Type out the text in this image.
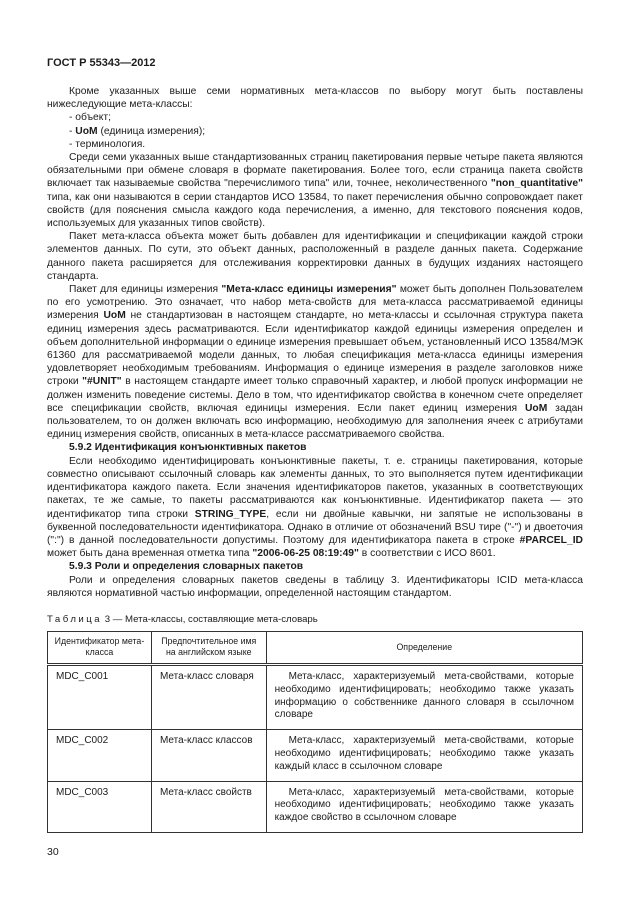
ГОСТ Р 55343—2012
Кроме указанных выше семи нормативных мета-классов по выбору могут быть поставлены нижеследующие мета-классы:
- объект;
- UoM (единица измерения);
- терминология.
Среди семи указанных выше стандартизованных страниц пакетирования первые четыре пакета являются обязательными при обмене словаря в формате пакетирования. Более того, если страница пакета свойств включает так называемые свойства "перечислимого типа" или, точнее, неколичественного "non_quantitative" типа, как они называются в серии стандартов ИСО 13584, то пакет перечисления обычно сопровождает пакет свойств (для пояснения смысла каждого кода перечисления, а именно, для текстового пояснения кодов, используемых для указанных типов свойств).
Пакет мета-класса объекта может быть добавлен для идентификации и спецификации каждой строки элементов данных. По сути, это объект данных, расположенный в разделе данных пакета. Содержание данного пакета расширяется для отслеживания корректировки данных в будущих изданиях настоящего стандарта.
Пакет для единицы измерения "Мета-класс единицы измерения" может быть дополнен Пользователем по его усмотрению. Это означает, что набор мета-свойств для мета-класса рассматриваемой единицы измерения UoM не стандартизован в настоящем стандарте, но мета-классы и ссылочная структура пакета единиц измерения здесь расматриваются. Если идентификатор каждой единицы измерения определен и объем дополнительной информации о единице измерения превышает объем, установленный ИСО 13584/МЭК 61360 для рассматриваемой модели данных, то любая спецификация мета-класса единицы измерения удовлетворяет необходимым требованиям. Информация о единице измерения в разделе заголовков ниже строки "#UNIT" в настоящем стандарте имеет только справочный характер, и любой пропуск информации не должен изменить поведение системы. Дело в том, что идентификатор свойства в конечном счете определяет все спецификации свойств, включая единицы измерения. Если пакет единиц измерения UoM задан пользователем, то он должен включать всю информацию, необходимую для заполнения ячеек с атрибутами единиц измерения свойств, описанных в мета-классе рассматриваемого свойства.
5.9.2 Идентификация конъюнктивных пакетов
Если необходимо идентифицировать конъюнктивные пакеты, т. е. страницы пакетирования, которые совместно описывают ссылочный словарь как элементы данных, то это выполняется путем идентификации идентификатора каждого пакета. Если значения идентификаторов пакетов, указанных в соответствующих пакетах, те же самые, то пакеты рассматриваются как конъюнктивные. Идентификатор пакета — это идентификатор типа строки STRING_TYPE, если ни двойные кавычки, ни запятые не использованы в буквенной последовательности идентификатора. Однако в отличие от обозначений BSU тире ("-") и двоеточия (":") в данной последовательности допустимы. Поэтому для идентификатора пакета в строке #PARCEL_ID может быть дана временная отметка типа "2006-06-25 08:19:49" в соответствии с ИСО 8601.
5.9.3 Роли и определения словарных пакетов
Роли и определения словарных пакетов сведены в таблицу 3. Идентификаторы ICID мета-класса являются нормативной частью информации, определенной настоящим стандартом.
Таблица 3 — Мета-классы, составляющие мета-словарь
Идентификатор мета-класса	Предпочтительное имя на английском языке	Определение
MDC_C001	Мета-класс словаря	Мета-класс, характеризуемый мета-свойствами, которые необходимо идентифицировать; необходимо также указать информацию о собственнике данного словаря в ссылочном словаре
MDC_C002	Мета-класс классов	Мета-класс, характеризуемый мета-свойствами, которые необходимо идентифицировать; необходимо также указать каждый класс в ссылочном словаре
MDC_C003	Мета-класс свойств	Мета-класс, характеризуемый мета-свойствами, которые необходимо идентифицировать; необходимо также указать каждое свойство в ссылочном словаре
30
